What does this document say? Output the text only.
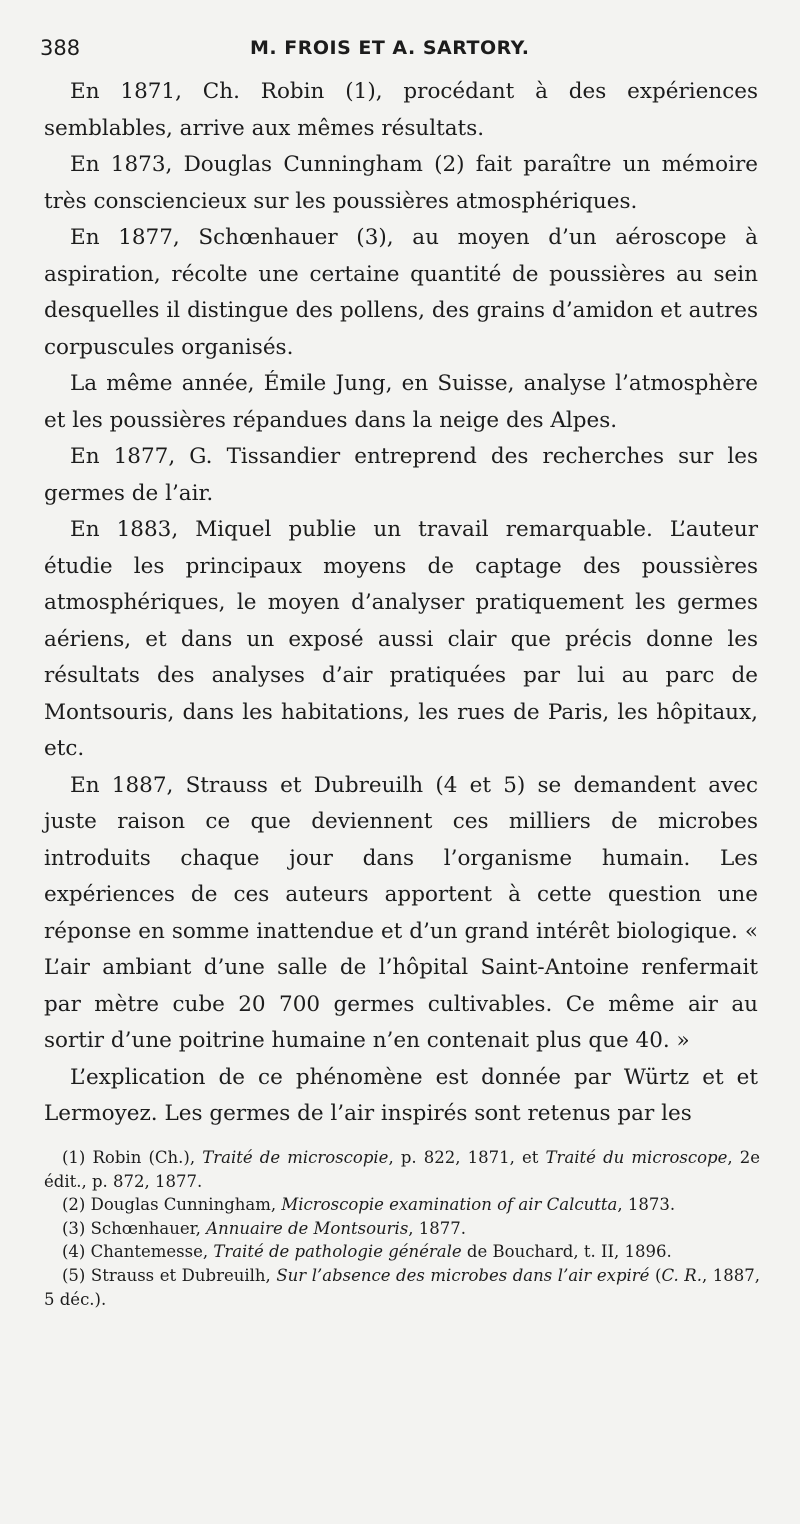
388	M. FROIS ET A. SARTORY.

En 1871, Ch. Robin (1), procédant à des expériences semblables, arrive aux mêmes résultats.

En 1873, Douglas Cunningham (2) fait paraître un mémoire très consciencieux sur les poussières atmosphériques.

En 1877, Schœnhauer (3), au moyen d’un aéroscope à aspiration, récolte une certaine quantité de poussières au sein desquelles il distingue des pollens, des grains d’amidon et autres corpuscules organisés.

La même année, Émile Jung, en Suisse, analyse l’atmosphère et les poussières répandues dans la neige des Alpes.

En 1877, G. Tissandier entreprend des recherches sur les germes de l’air.

En 1883, Miquel publie un travail remarquable. L’auteur étudie les principaux moyens de captage des poussières atmosphériques, le moyen d’analyser pratiquement les germes aériens, et dans un exposé aussi clair que précis donne les résultats des analyses d’air pratiquées par lui au parc de Montsouris, dans les habitations, les rues de Paris, les hôpitaux, etc.

En 1887, Strauss et Dubreuilh (4 et 5) se demandent avec juste raison ce que deviennent ces milliers de microbes introduits chaque jour dans l’organisme humain. Les expériences de ces auteurs apportent à cette question une réponse en somme inattendue et d’un grand intérêt biologique. « L’air ambiant d’une salle de l’hôpital Saint-Antoine renfermait par mètre cube 20 700 germes cultivables. Ce même air au sortir d’une poitrine humaine n’en contenait plus que 40. »

L’explication de ce phénomène est donnée par Würtz et et Lermoyez. Les germes de l’air inspirés sont retenus par les

(1) Robin (Ch.), Traité de microscopie, p. 822, 1871, et Traité du microscope, 2e édit., p. 872, 1877.

(2) Douglas Cunningham, Microscopie examination of air Calcutta, 1873.

(3) Schœnhauer, Annuaire de Montsouris, 1877.

(4) Chantemesse, Traité de pathologie générale de Bouchard, t. II, 1896.

(5) Strauss et Dubreuilh, Sur l’absence des microbes dans l’air expiré (C. R., 1887, 5 déc.).
